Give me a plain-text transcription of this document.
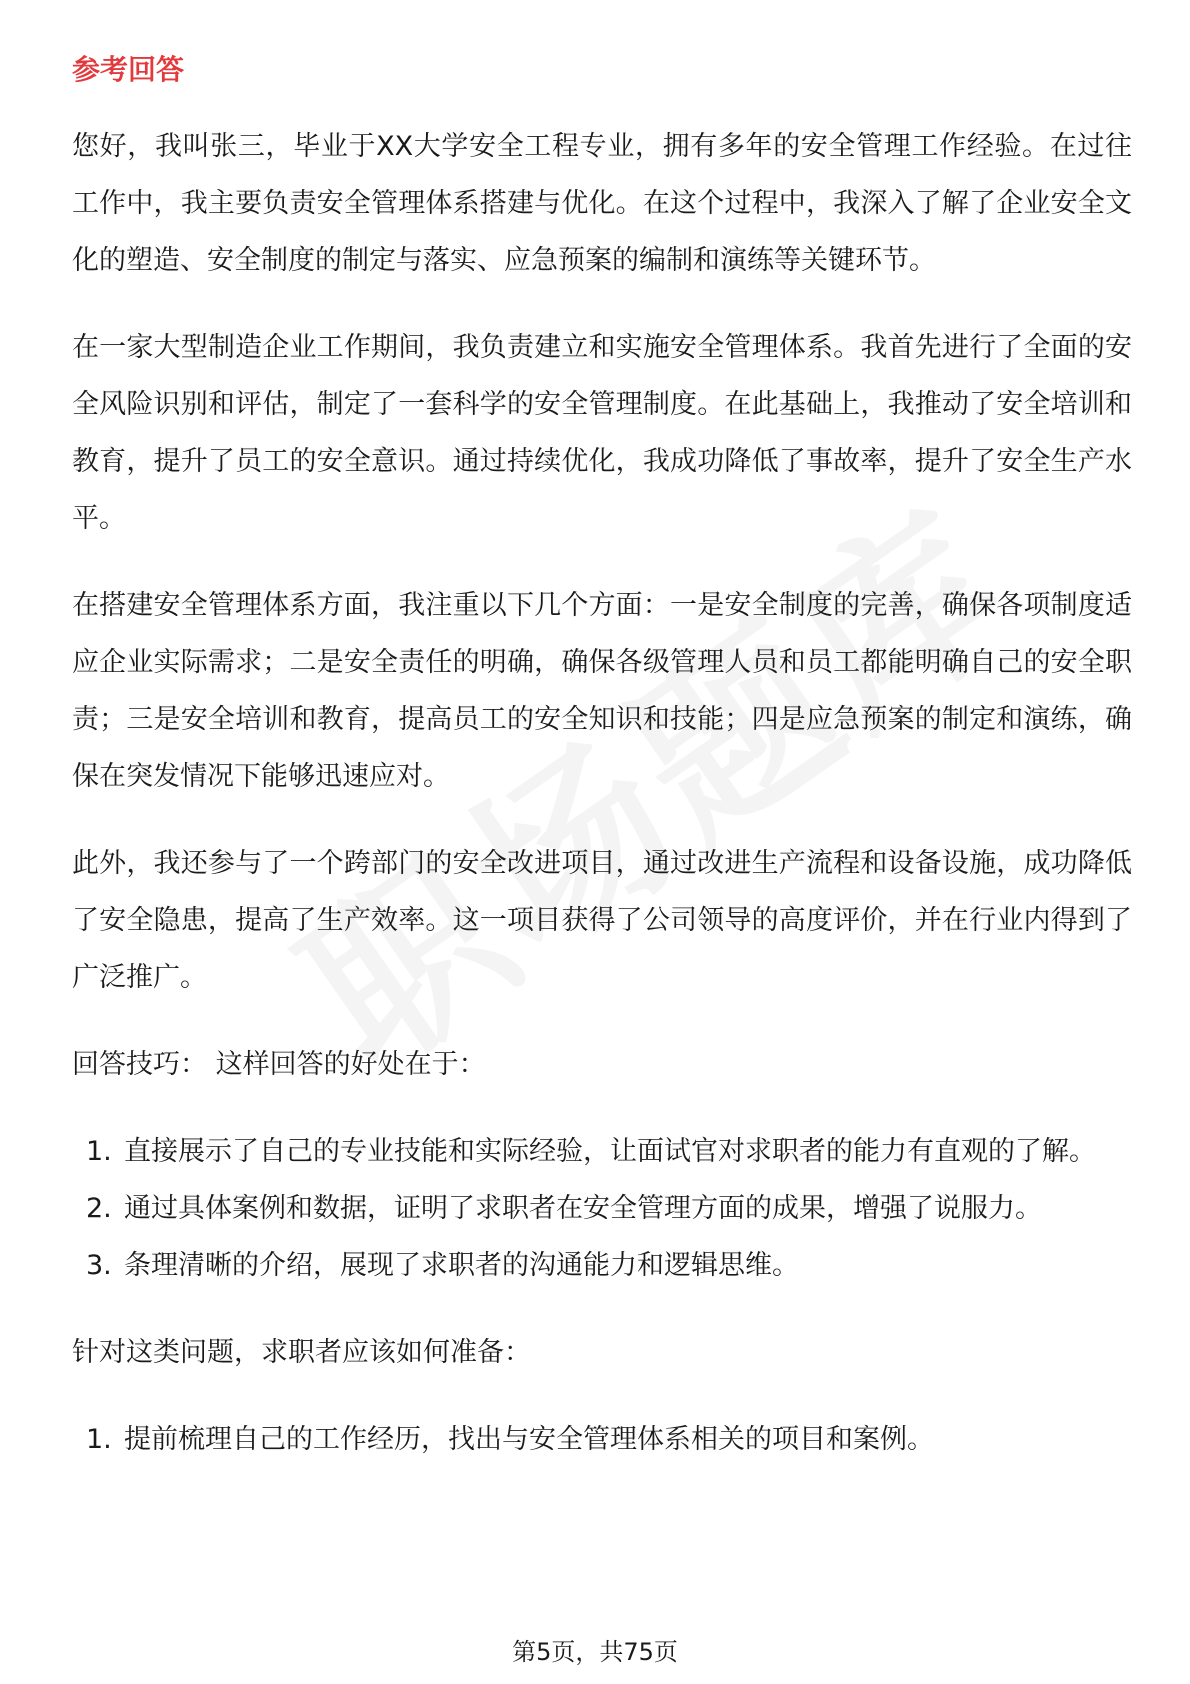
参考回答

您好，我叫张三，毕业于XX大学安全工程专业，拥有多年的安全管理工作经验。在过往工作中，我主要负责安全管理体系搭建与优化。在这个过程中，我深入了解了企业安全文化的塑造、安全制度的制定与落实、应急预案的编制和演练等关键环节。

在一家大型制造企业工作期间，我负责建立和实施安全管理体系。我首先进行了全面的安全风险识别和评估，制定了一套科学的安全管理制度。在此基础上，我推动了安全培训和教育，提升了员工的安全意识。通过持续优化，我成功降低了事故率，提升了安全生产水平。

在搭建安全管理体系方面，我注重以下几个方面：一是安全制度的完善，确保各项制度适应企业实际需求；二是安全责任的明确，确保各级管理人员和员工都能明确自己的安全职责；三是安全培训和教育，提高员工的安全知识和技能；四是应急预案的制定和演练，确保在突发情况下能够迅速应对。

此外，我还参与了一个跨部门的安全改进项目，通过改进生产流程和设备设施，成功降低了安全隐患，提高了生产效率。这一项目获得了公司领导的高度评价，并在行业内得到了广泛推广。

回答技巧： 这样回答的好处在于：

1. 直接展示了自己的专业技能和实际经验，让面试官对求职者的能力有直观的了解。
2. 通过具体案例和数据，证明了求职者在安全管理方面的成果，增强了说服力。
3. 条理清晰的介绍，展现了求职者的沟通能力和逻辑思维。

针对这类问题，求职者应该如何准备：

1. 提前梳理自己的工作经历，找出与安全管理体系相关的项目和案例。
第5页，共75页
